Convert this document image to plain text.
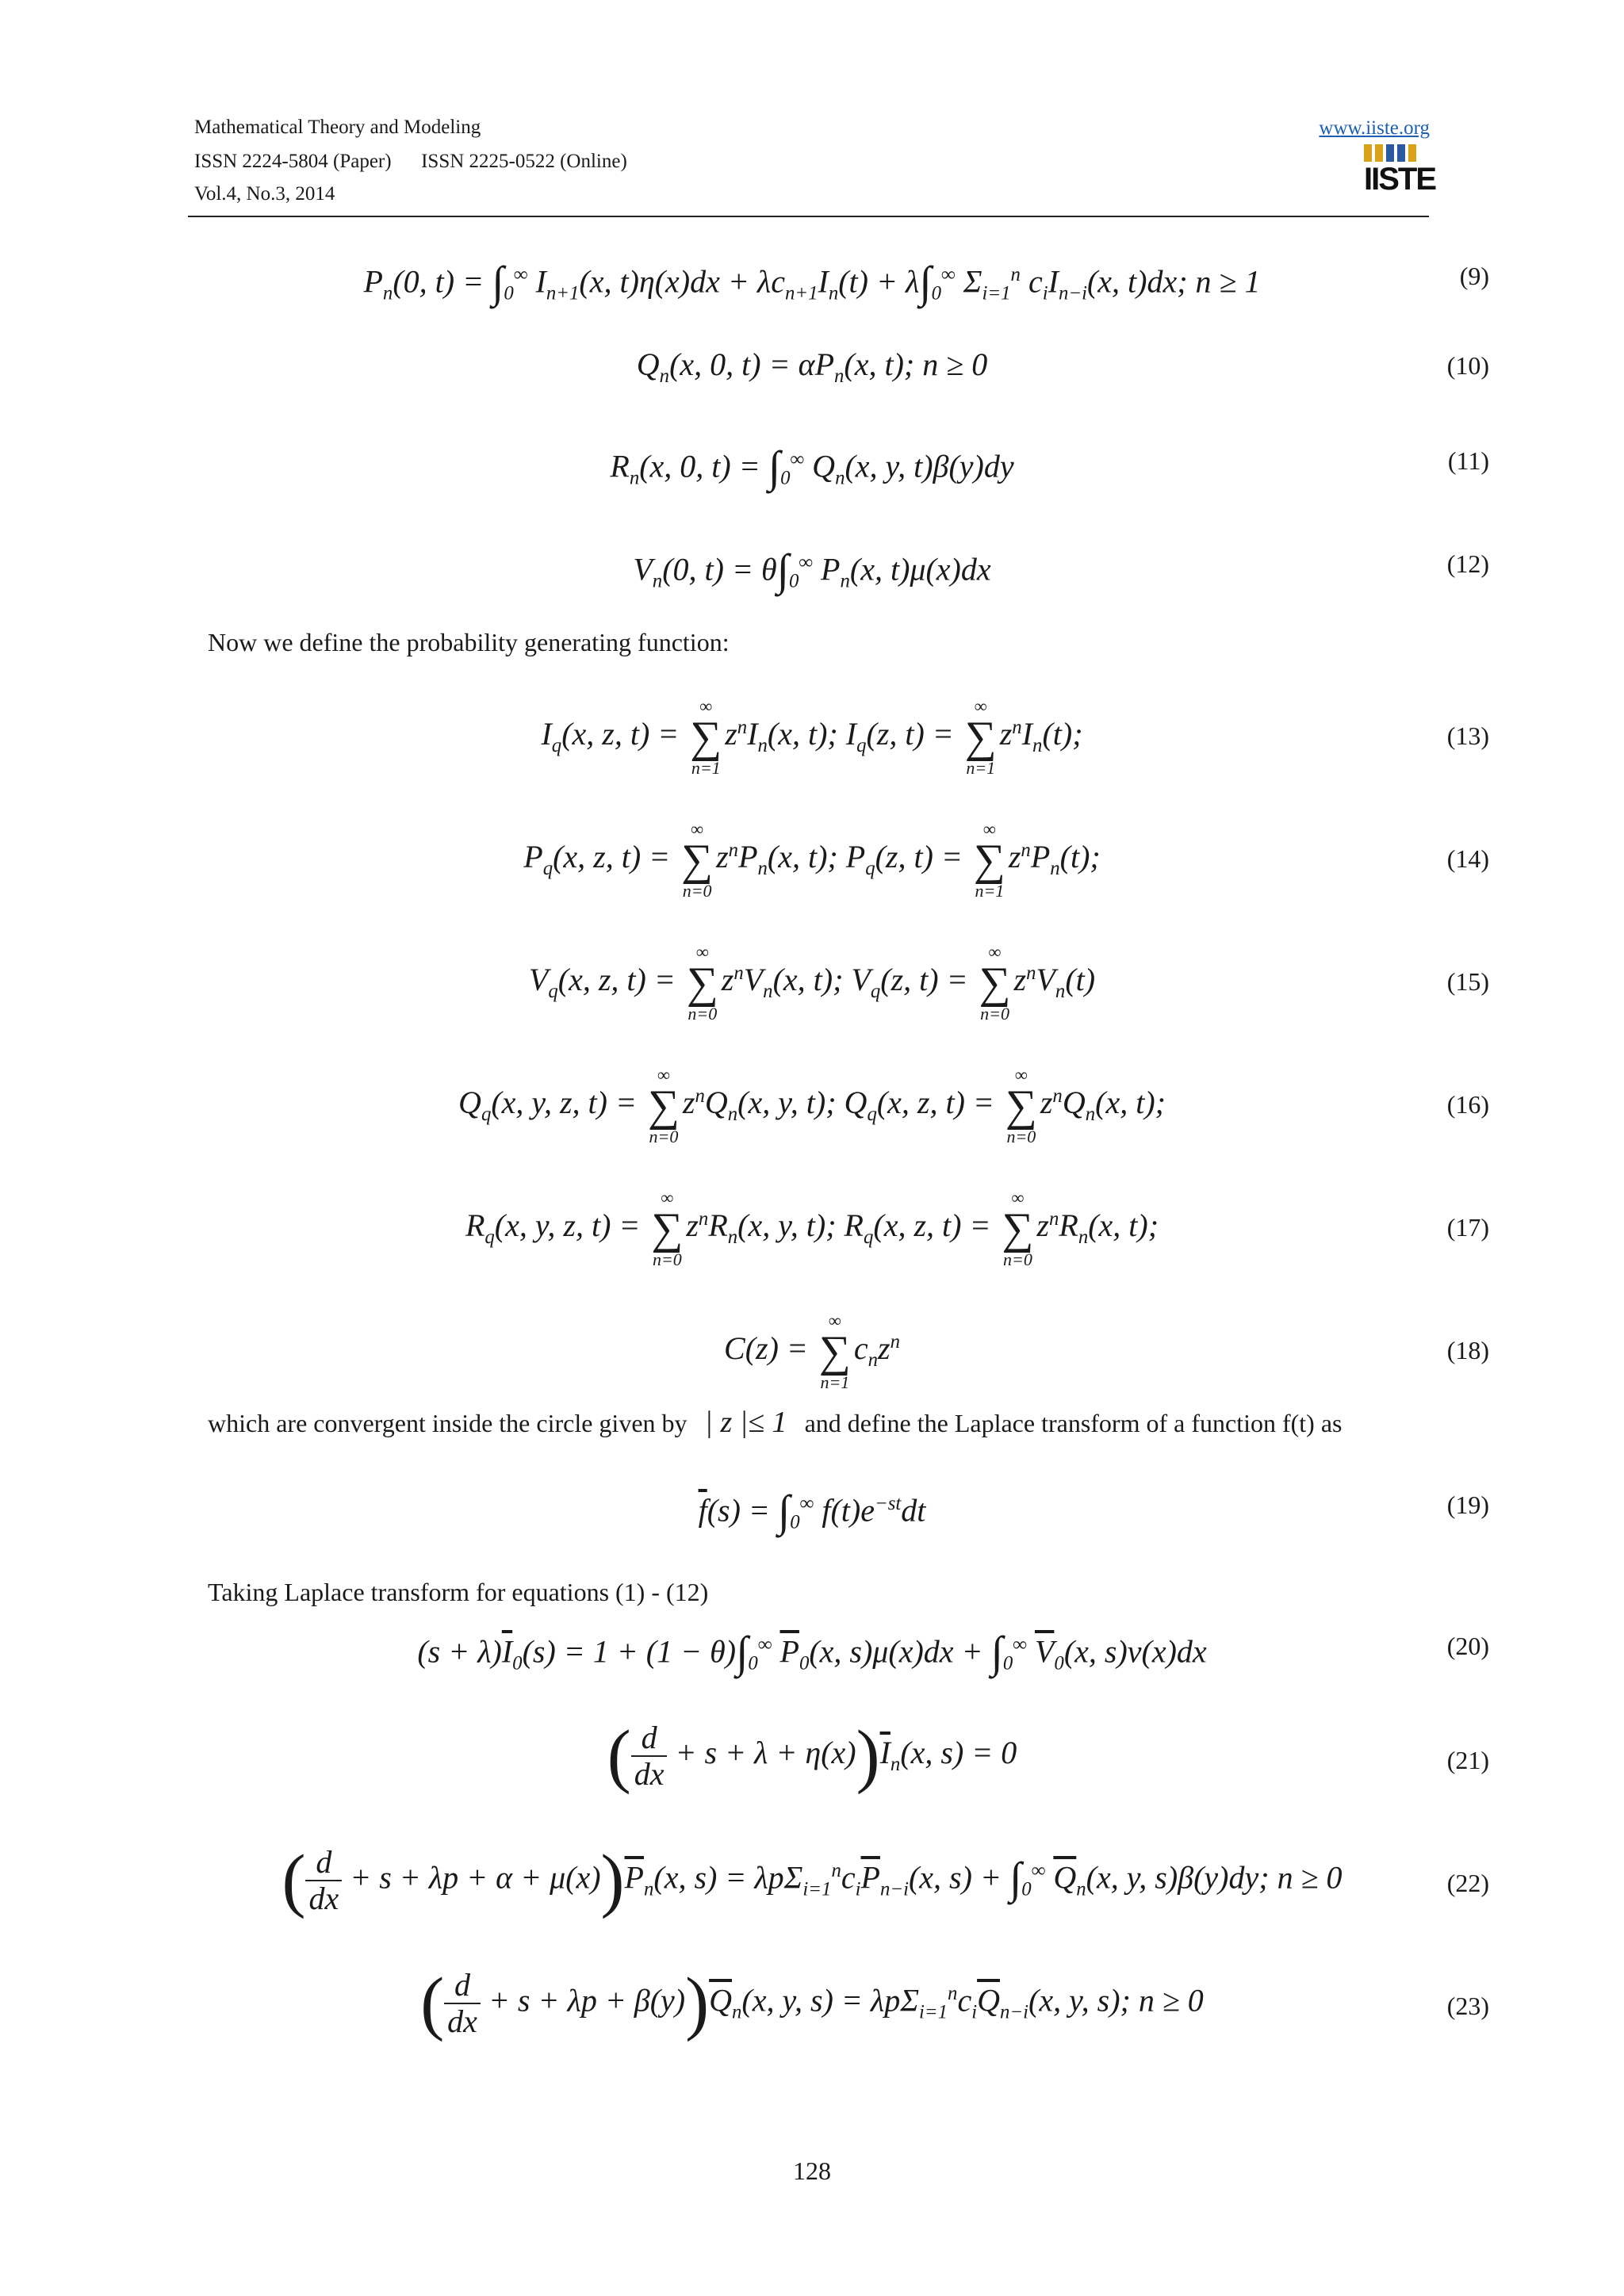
Mathematical Theory and Modeling
ISSN 2224-5804 (Paper)      ISSN 2225-0522 (Online)
Vol.4, No.3, 2014
www.iiste.org
IISTE
$P_n(0$, $t) = \int_0^\infty$ $I_{n+1}(x$, $t)\eta(x)dx + \lambda c_{n+1}I_n(t) + \lambda\int_0^\infty$ $\Sigma_{i=1}^n$ $c_iI_{n-i}(x$, t)dx; n ≥ 1	(9)
$Q_n(x$, 0, $t) = \alpha P_n(x$, t); n ≥ 0	(10)
$R_n(x$, 0, $t) = \int_0^\infty$ $Q_n(x$, y, t)β(y)dy	(11)
$V_n(0$, $t) = \theta\int_0^\infty$ $P_n(x$, t)μ(x)dx	(12)
Now we define the probability generating function:
$I_q(x$, z, t) =
∞
∑
n=1
$z^nI_n(x$, t); $I_q(z$, t) =
∞
∑
n=1
$z^nI_n(t)$;	(13)
$P_q(x$, z, t) =
∞
∑
n=0
$z^nP_n(x$, t); $P_q(z$, t) =
∞
∑
n=1
$z^nP_n(t)$;	(14)
$V_q(x$, z, t) =
∞
∑
n=0
$z^nV_n(x$, t); $V_q(z$, t) =
∞
∑
n=0
$z^nV_n(t)$	(15)
$Q_q(x$, y, z, t) =
∞
∑
n=0
$z^nQ_n(x$, y, t); $Q_q(x$, z, t) =
∞
∑
n=0
$z^nQ_n(x$, t);	(16)
$R_q(x$, y, z, t) =
∞
∑
n=0
$z^nR_n(x$, y, t); $R_q(x$, z, t) =
∞
∑
n=0
$z^nR_n(x$, t);	(17)
C(z) =
∞
∑
n=1
$c_nz^n$	(18)
which are convergent inside the circle given by | z |≤ 1 and define the Laplace transform of a function f(t) as
$\overline{f}(s) = \int_0^\infty$ $f(t)e^{-st}dt$	(19)
Taking Laplace transform for equations (1) - (12)
$(s + \lambda)\overline{I}_0(s) = 1 + (1 - \theta)\int_0^\infty$ $\overline{P}_0(x$, $s)\mu(x)dx + \int_0^\infty$ $\overline{V}_0(x$, s)ν(x)dx	(20)
( $\frac{d}{dx} + s + \lambda + \eta(x))\overline{I}_n(x$, s) = 0	(21)
( $\frac{d}{dx} + s + \lambda p + \alpha + \mu(x))\overline{P}_n(x$, $s) = \lambda p\Sigma_{i=1}^nc_i\overline{P}_{n-i}(x$, $s) + \int_0^\infty$ $\overline{Q}_n(x$, y, s)β(y)dy; n ≥ 0	(22)
( $\frac{d}{dx} + s + \lambda p + \beta(y))\overline{Q}_n(x$, y, $s) = \lambda p\Sigma_{i=1}^nc_i\overline{Q}_{n-i}(x$, y, s); n ≥ 0	(23)
128
